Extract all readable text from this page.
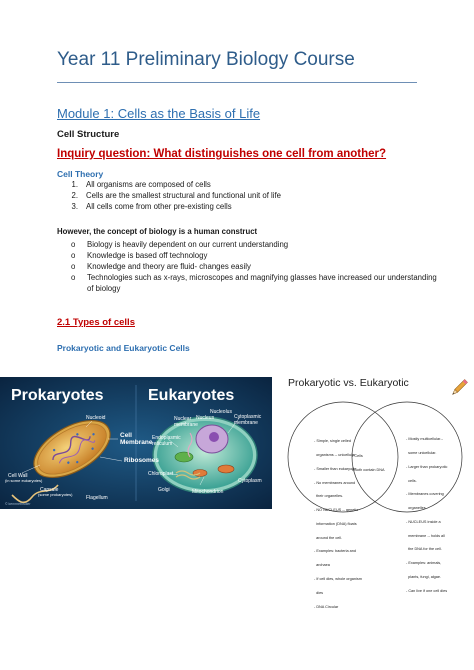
Year 11 Preliminary Biology Course
Module 1: Cells as the Basis of Life
Cell Structure
Inquiry question: What distinguishes one cell from another?
Cell Theory
1. All organisms are composed of cells
2. Cells are the smallest structural and functional unit of life
3. All cells come from other pre-existing cells
However, the concept of biology is a human construct
o Biology is heavily dependent on our current understanding
o Knowledge is based off technology
o Knowledge and theory are fluid- changes easily
o Technologies such as x-rays, microscopes and magnifying glasses have increased our understanding of biology
2.1 Types of cells
Prokaryotic and Eukaryotic Cells
Prokaryotes	Eukaryotes
Nucleoid
Cell Membrane
Ribosomes
Cell Wall
(in some eukaryotes)
Capsule
(some prokaryotes)
Flagellum
© kennnethfuller
Nucleolus
Nucleus
Nuclear membrane
Cytoplasmic membrane
Endoplasmic reticulum
Chloroplast
Golgi	Mitochondrion
Cytoplasm
Prokaryotic vs. Eukaryotic

- Simple, single celled

organisms -- unicellular

- Smaller than eukaryotic

- No membranes around

their organelles.

- NO NUCLEUS -- genetic

information (DNA) floats

around the cell.

- Examples: bacteria and

archaea

- If cell dies, whole organism

dies

- DNA Circular

• Cells

• Both contain DNA

- Mostly multicellular--

some unicellular.

- Larger than prokaryotic

cells.

- Membranes covering

organelles.

- NUCLEUS inside a

membrane -- holds all

the DNA for the cell.

- Examples: animals,

plants, fungi, algae.

- Can live if one cell dies
